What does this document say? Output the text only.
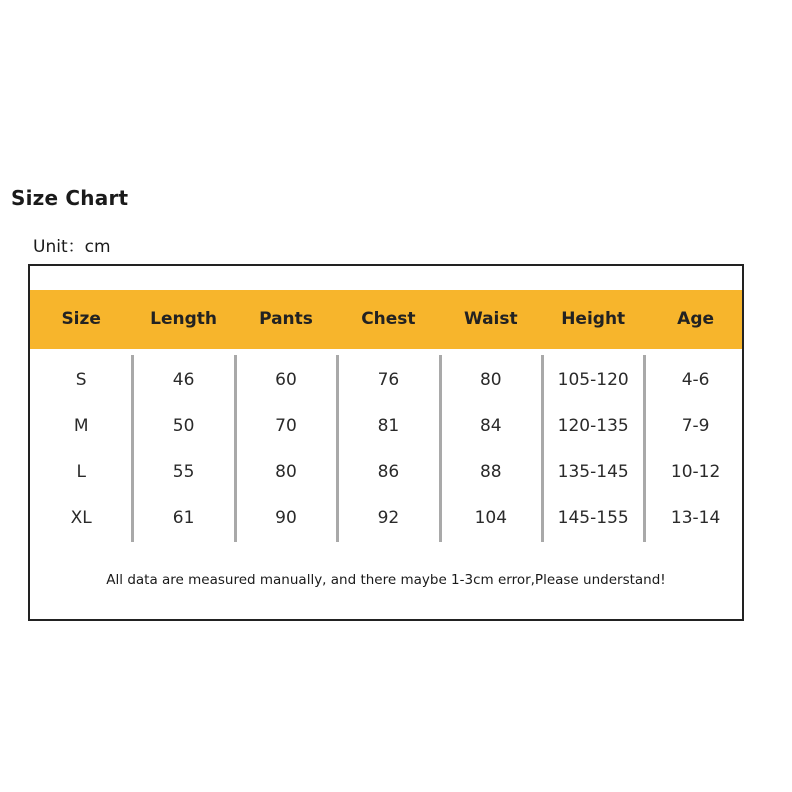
Size Chart
Unit：cm
Size	Length	Pants	Chest	Waist	Height	Age
S	46	60	76	80	105-120	4-6
M	50	70	81	84	120-135	7-9
L	55	80	86	88	135-145	10-12
XL	61	90	92	104	145-155	13-14
All data are measured manually, and there maybe 1-3cm error,Please understand!
